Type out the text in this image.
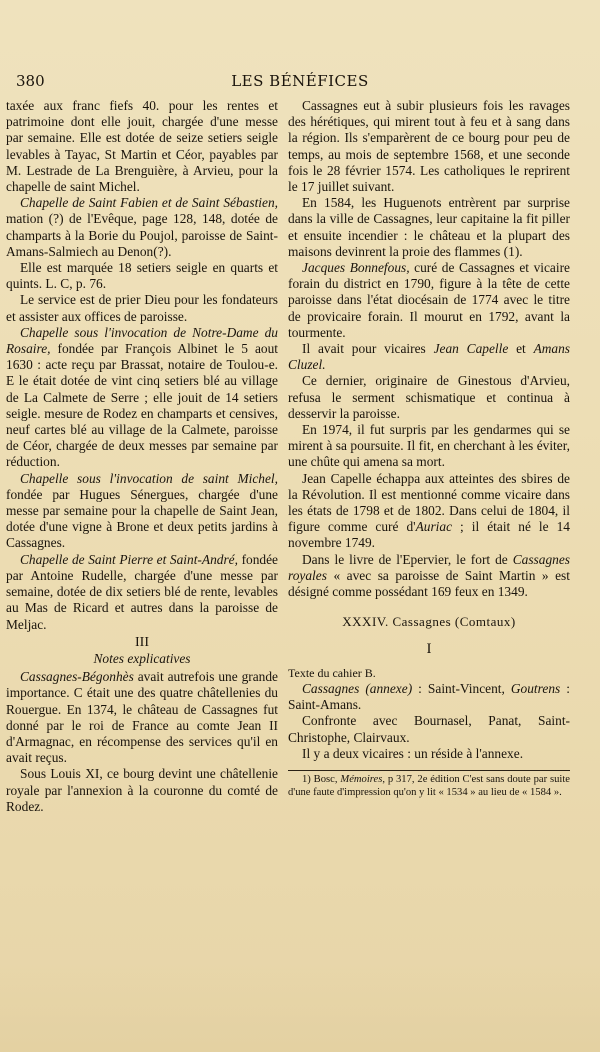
380	LES BÉNÉFICES

taxée aux franc fiefs 40. pour les rentes et patrimoine dont elle jouit, chargée d'une messe par semaine. Elle est dotée de seize setiers seigle levables à Tayac, St Martin et Céor, payables par M. Lestrade de La Brenguière, à Arvieu, pour la chapelle de saint Michel.

Chapelle de Saint Fabien et de Saint Sébastien, mation (?) de l'Evêque, page 128, 148, dotée de champarts à la Borie du Poujol, paroisse de Saint-Amans-Salmiech au Denon(?).

Elle est marquée 18 setiers seigle en quarts et quints. L. C, p. 76.

Le service est de prier Dieu pour les fondateurs et assister aux offices de paroisse.

Chapelle sous l'invocation de Notre-Dame du Rosaire, fondée par François Albinet le 5 aout 1630 : acte reçu par Brassat, notaire de Toulou-e. E le était dotée de vint cinq setiers blé au village de La Calmete de Serre ; elle jouit de 14 setiers seigle. mesure de Rodez en champarts et censives, neuf cartes blé au village de la Calmete, paroisse de Céor, chargée de deux messes par semaine par réduction.

Chapelle sous l'invocation de saint Michel, fondée par Hugues Sénergues, chargée d'une messe par semaine pour la chapelle de Saint Jean, dotée d'une vigne à Brone et deux petits jardins à Cassagnes.

Chapelle de Saint Pierre et Saint-André, fondée par Antoine Rudelle, chargée d'une messe par semaine, dotée de dix setiers blé de rente, levables au Mas de Ricard et autres dans la paroisse de Meljac.

III
Notes explicatives

Cassagnes-Bégonhès avait autrefois une grande importance. C était une des quatre châtellenies du Rouergue. En 1374, le château de Cassagnes fut donné par le roi de France au comte Jean II d'Armagnac, en récompense des services qu'il en avait reçus.

Sous Louis XI, ce bourg devint une châtellenie royale par l'annexion à la couronne du comté de Rodez.

Cassagnes eut à subir plusieurs fois les ravages des hérétiques, qui mirent tout à feu et à sang dans la région. Ils s'emparèrent de ce bourg pour peu de temps, au mois de septembre 1568, et une seconde fois le 28 février 1574. Les catholiques le reprirent le 17 juillet suivant.

En 1584, les Huguenots entrèrent par surprise dans la ville de Cassagnes, leur capitaine la fit piller et ensuite incendier : le château et la plupart des maisons devinrent la proie des flammes (1).

Jacques Bonnefous, curé de Cassagnes et vicaire forain du district en 1790, figure à la tête de cette paroisse dans l'état diocésain de 1774 avec le titre de provicaire forain. Il mourut en 1792, avant la tourmente.

Il avait pour vicaires Jean Capelle et Amans Cluzel.

Ce dernier, originaire de Ginestous d'Arvieu, refusa le serment schismatique et continua à desservir la paroisse.

En 1974, il fut surpris par les gendarmes qui se mirent à sa poursuite. Il fit, en cherchant à les éviter, une chûte qui amena sa mort.

Jean Capelle échappa aux atteintes des sbires de la Révolution. Il est mentionné comme vicaire dans les états de 1798 et de 1802. Dans celui de 1804, il figure comme curé d'Auriac ; il était né le 14 novembre 1749.

Dans le livre de l'Epervier, le fort de Cassagnes royales « avec sa paroisse de Saint Martin » est désigné comme possédant 169 feux en 1349.

XXXIV. Cassagnes (Comtaux)
I

Texte du cahier B.

Cassagnes (annexe) : Saint-Vincent, Goutrens : Saint-Amans.

Confronte avec Bournasel, Panat, Saint-Christophe, Clairvaux.

Il y a deux vicaires : un réside à l'annexe.

1) Bosc, Mémoires, p 317, 2e édition C'est sans doute par suite d'une faute d'impression qu'on y lit « 1534 » au lieu de « 1584 ».
